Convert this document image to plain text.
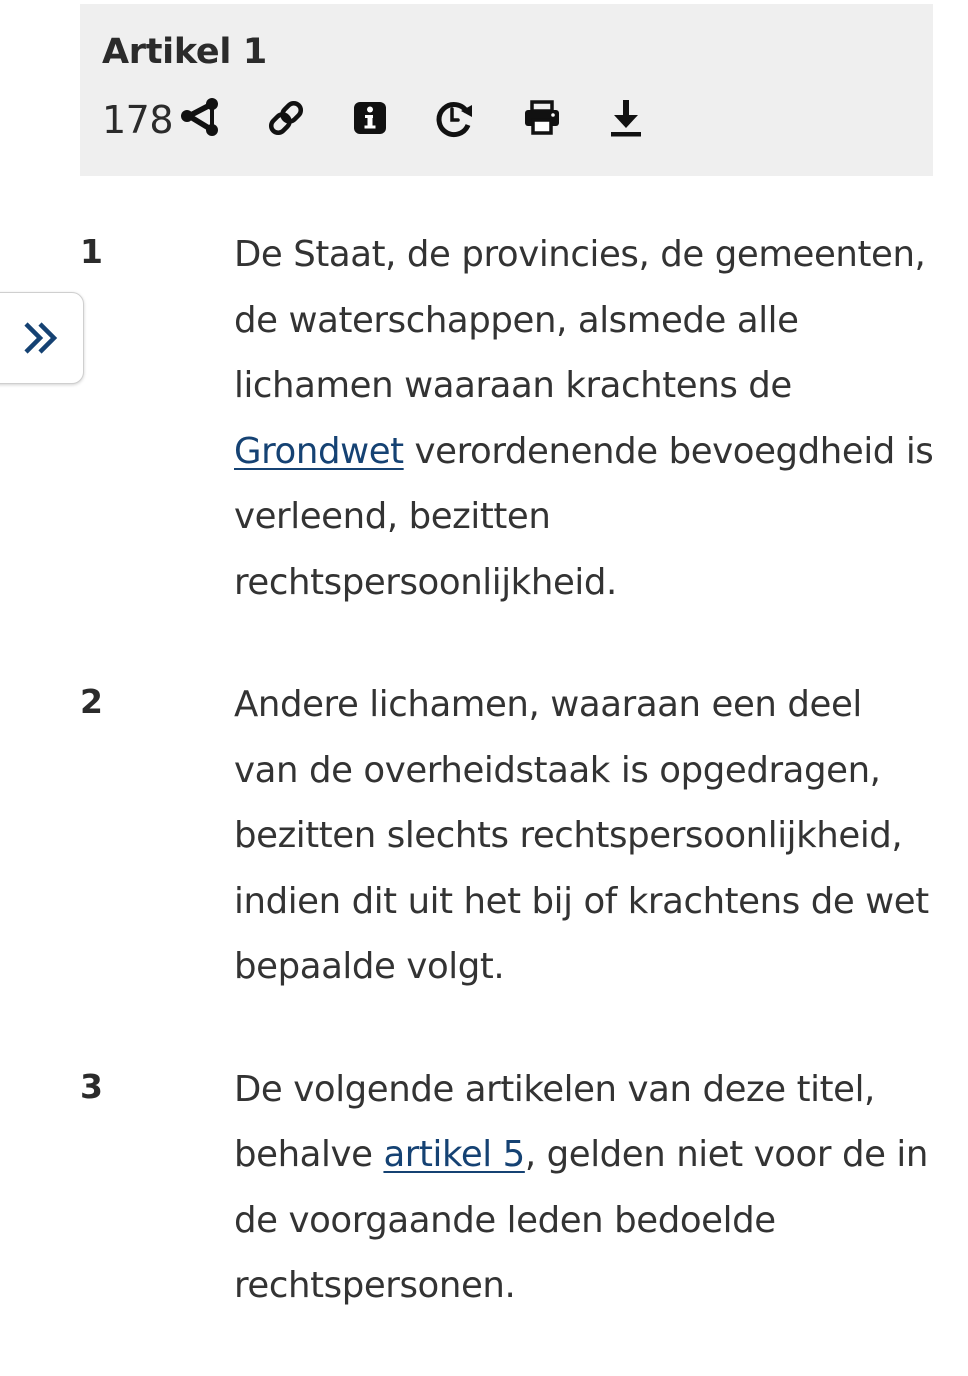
Artikel 1
178
1	De Staat, de provincies, de gemeenten, de waterschappen, alsmede alle lichamen waaraan krachtens de Grondwet verordenende bevoegdheid is verleend, bezitten rechtspersoonlijkheid.

2	Andere lichamen, waaraan een deel van de overheidstaak is opgedragen, bezitten slechts rechtspersoonlijkheid, indien dit uit het bij of krachtens de wet bepaalde volgt.

3	De volgende artikelen van deze titel, behalve artikel 5, gelden niet voor de in de voorgaande leden bedoelde rechtspersonen.
